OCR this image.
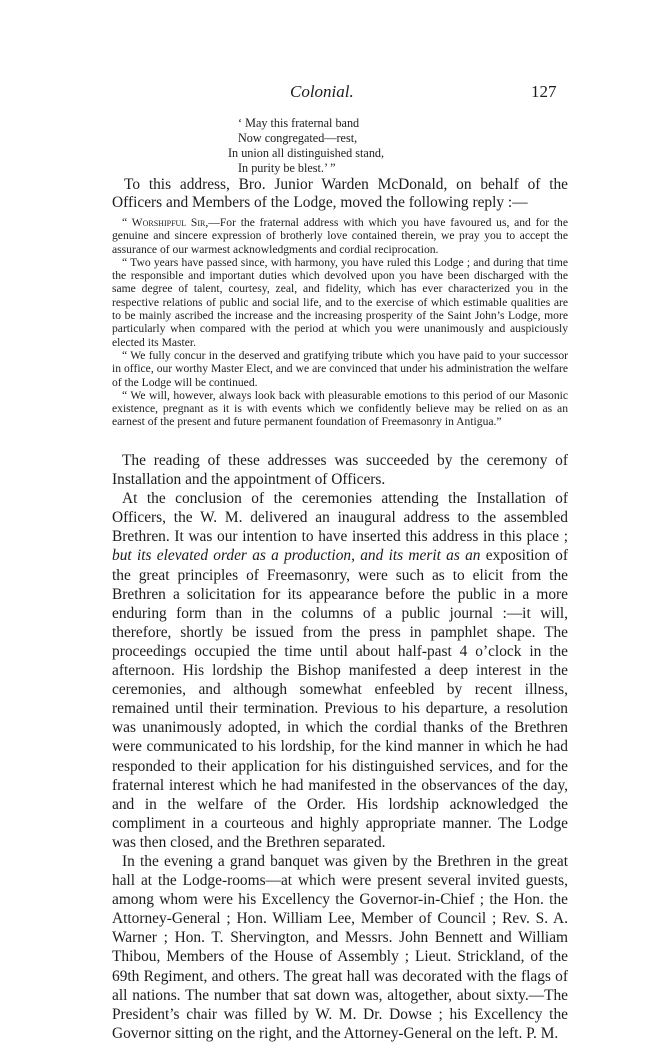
Colonial.	127
‘ May this fraternal band
Now congregated—rest,
In union all distinguished stand,
In purity be blest.’ ”

To this address, Bro. Junior Warden McDonald, on behalf of the Officers and Members of the Lodge, moved the following reply :—

“ Worshipful Sir,—For the fraternal address with which you have favoured us, and for the genuine and sincere expression of brotherly love contained therein, we pray you to accept the assurance of our warmest acknowledgments and cordial reciprocation.

“ Two years have passed since, with harmony, you have ruled this Lodge ; and during that time the responsible and important duties which devolved upon you have been discharged with the same degree of talent, courtesy, zeal, and fidelity, which has ever characterized you in the respective relations of public and social life, and to the exercise of which estimable qualities are to be mainly ascribed the increase and the increasing prosperity of the Saint John’s Lodge, more particularly when compared with the period at which you were unanimously and auspiciously elected its Master.

“ We fully concur in the deserved and gratifying tribute which you have paid to your successor in office, our worthy Master Elect, and we are convinced that under his administration the welfare of the Lodge will be continued.

“ We will, however, always look back with pleasurable emotions to this period of our Masonic existence, pregnant as it is with events which we confidently believe may be relied on as an earnest of the present and future permanent foundation of Freemasonry in Antigua.”

The reading of these addresses was succeeded by the ceremony of Installation and the appointment of Officers.

At the conclusion of the ceremonies attending the Installation of Officers, the W. M. delivered an inaugural address to the assembled Brethren. It was our intention to have inserted this address in this place ; but its elevated order as a production, and its merit as an exposition of the great principles of Freemasonry, were such as to elicit from the Brethren a solicitation for its appearance before the public in a more enduring form than in the columns of a public journal :—it will, therefore, shortly be issued from the press in pamphlet shape. The proceedings occupied the time until about half-past 4 o’clock in the afternoon. His lordship the Bishop manifested a deep interest in the ceremonies, and although somewhat enfeebled by recent illness, remained until their termination. Previous to his departure, a resolution was unanimously adopted, in which the cordial thanks of the Brethren were communicated to his lordship, for the kind manner in which he had responded to their application for his distinguished services, and for the fraternal interest which he had manifested in the observances of the day, and in the welfare of the Order. His lordship acknowledged the compliment in a courteous and highly appropriate manner. The Lodge was then closed, and the Brethren separated.

In the evening a grand banquet was given by the Brethren in the great hall at the Lodge-rooms—at which were present several invited guests, among whom were his Excellency the Governor-in-Chief ; the Hon. the Attorney-General ; Hon. William Lee, Member of Council ; Rev. S. A. Warner ; Hon. T. Shervington, and Messrs. John Bennett and William Thibou, Members of the House of Assembly ; Lieut. Strickland, of the 69th Regiment, and others. The great hall was decorated with the flags of all nations. The number that sat down was, altogether, about sixty.—The President’s chair was filled by W. M. Dr. Dowse ; his Excellency the Governor sitting on the right, and the Attorney-General on the left. P. M.
